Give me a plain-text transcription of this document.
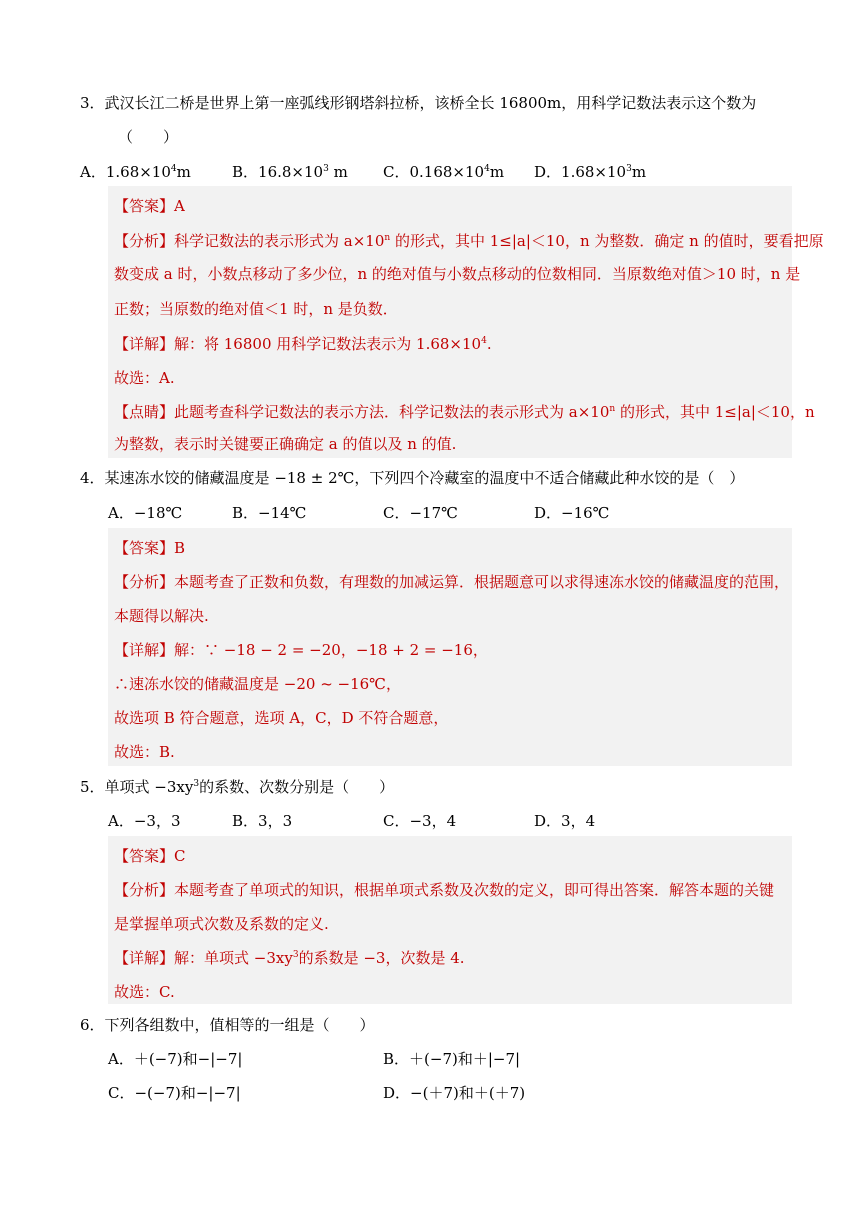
3．武汉长江二桥是世界上第一座弧线形钢塔斜拉桥，该桥全长 16800m，用科学记数法表示这个数为
（　　）
A．$1.68\times 10^4m$	B．$16.8\times 10^3$ m C．$0.168\times 10^4m$ D．$1.68\times 10^3m$
【答案】A
【分析】科学记数法的表示形式为 $a\times 10^n$ 的形式，其中 1≤|a|＜10，n 为整数．确定 n 的值时，要看把原
数变成 a 时，小数点移动了多少位，n 的绝对值与小数点移动的位数相同．当原数绝对值＞10 时，n 是
正数；当原数的绝对值＜1 时，n 是负数．
【详解】解：将 16800 用科学记数法表示为 $1.68\times 10^4$.
故选：A.
【点睛】此题考查科学记数法的表示方法．科学记数法的表示形式为 $a\times 10^n$ 的形式，其中 1≤|a|＜10，n
为整数，表示时关键要正确确定 a 的值以及 n 的值.
4．某速冻水饺的储藏温度是 −18 ± 2℃，下列四个冷藏室的温度中不适合储藏此种水饺的是（　）
A．−18℃	B．−14℃	C．−17℃	D．−16℃
【答案】B
【分析】本题考查了正数和负数，有理数的加减运算．根据题意可以求得速冻水饺的储藏温度的范围，
本题得以解决.
【详解】解：∵ −18 − 2 = −20，−18 + 2 = −16，
∴速冻水饺的储藏温度是 −20 ~ −16℃，
故选项 B 符合题意，选项 A，C，D 不符合题意，
故选：B.
5．单项式 $-3xy^3$的系数、次数分别是（　　）
A．−3，3	B．3，3	C．−3，4	D．3，4
【答案】C
【分析】本题考查了单项式的知识，根据单项式系数及次数的定义，即可得出答案．解答本题的关键
是掌握单项式次数及系数的定义.
【详解】解：单项式 $-3xy^3$的系数是 −3，次数是 4.
故选：C.
6．下列各组数中，值相等的一组是（　　）
A．＋(−7)和−|−7|	B．＋(−7)和＋|−7|
C．−(−7)和−|−7|	D．−(＋7)和＋(＋7)
